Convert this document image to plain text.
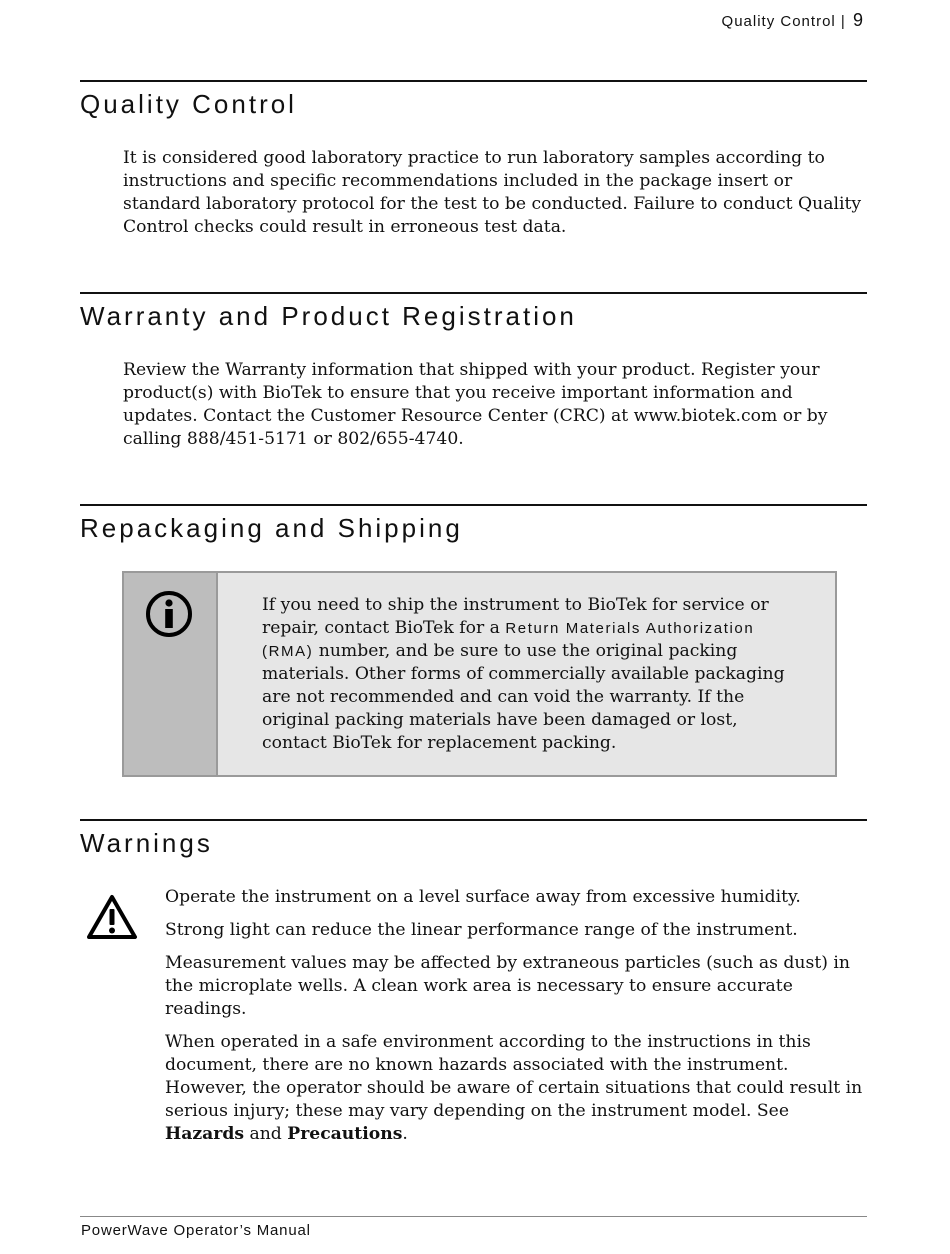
Quality Control | 9
Quality Control

It is considered good laboratory practice to run laboratory samples according to instructions and specific recommendations included in the package insert or standard laboratory protocol for the test to be conducted. Failure to conduct Quality Control checks could result in erroneous test data.

Warranty and Product Registration

Review the Warranty information that shipped with your product. Register your product(s) with BioTek to ensure that you receive important information and updates. Contact the Customer Resource Center (CRC) at www.biotek.com or by calling 888/451-5171 or 802/655-4740.

Repackaging and Shipping

If you need to ship the instrument to BioTek for service or repair, contact BioTek for a Return Materials Authorization (RMA) number, and be sure to use the original packing materials. Other forms of commercially available packaging are not recommended and can void the warranty. If the original packing materials have been damaged or lost, contact BioTek for replacement packing.

Warnings

Operate the instrument on a level surface away from excessive humidity.

Strong light can reduce the linear performance range of the instrument.

Measurement values may be affected by extraneous particles (such as dust) in the microplate wells. A clean work area is necessary to ensure accurate readings.

When operated in a safe environment according to the instructions in this document, there are no known hazards associated with the instrument. However, the operator should be aware of certain situations that could result in serious injury; these may vary depending on the instrument model. See Hazards and Precautions.

PowerWave Operator’s Manual
